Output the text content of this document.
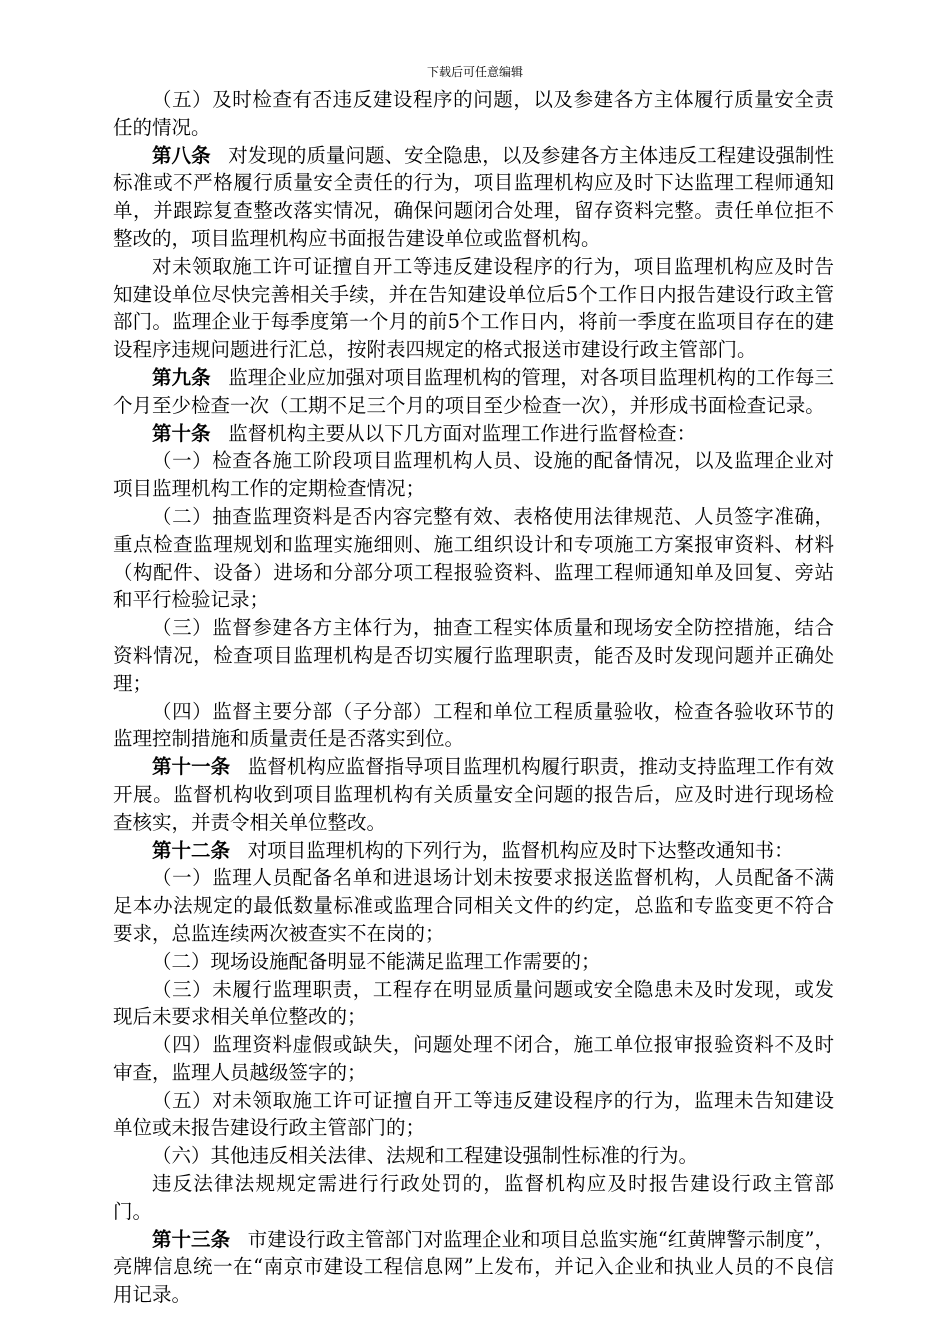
下载后可任意编辑

（五）及时检查有否违反建设程序的问题，以及参建各方主体履行质量安全责任的情况。

第八条 对发现的质量问题、安全隐患，以及参建各方主体违反工程建设强制性标准或不严格履行质量安全责任的行为，项目监理机构应及时下达监理工程师通知单，并跟踪复查整改落实情况，确保问题闭合处理，留存资料完整。责任单位拒不整改的，项目监理机构应书面报告建设单位或监督机构。

对未领取施工许可证擅自开工等违反建设程序的行为，项目监理机构应及时告知建设单位尽快完善相关手续，并在告知建设单位后5个工作日内报告建设行政主管部门。监理企业于每季度第一个月的前5个工作日内，将前一季度在监项目存在的建设程序违规问题进行汇总，按附表四规定的格式报送市建设行政主管部门。

第九条 监理企业应加强对项目监理机构的管理，对各项目监理机构的工作每三个月至少检查一次（工期不足三个月的项目至少检查一次），并形成书面检查记录。

第十条 监督机构主要从以下几方面对监理工作进行监督检查：

（一）检查各施工阶段项目监理机构人员、设施的配备情况，以及监理企业对项目监理机构工作的定期检查情况；

（二）抽查监理资料是否内容完整有效、表格使用法律规范、人员签字准确，重点检查监理规划和监理实施细则、施工组织设计和专项施工方案报审资料、材料（构配件、设备）进场和分部分项工程报验资料、监理工程师通知单及回复、旁站和平行检验记录；

（三）监督参建各方主体行为，抽查工程实体质量和现场安全防控措施，结合资料情况，检查项目监理机构是否切实履行监理职责，能否及时发现问题并正确处理；

（四）监督主要分部（子分部）工程和单位工程质量验收，检查各验收环节的监理控制措施和质量责任是否落实到位。

第十一条 监督机构应监督指导项目监理机构履行职责，推动支持监理工作有效开展。监督机构收到项目监理机构有关质量安全问题的报告后，应及时进行现场检查核实，并责令相关单位整改。

第十二条 对项目监理机构的下列行为，监督机构应及时下达整改通知书：

（一）监理人员配备名单和进退场计划未按要求报送监督机构，人员配备不满足本办法规定的最低数量标准或监理合同相关文件的约定，总监和专监变更不符合要求，总监连续两次被查实不在岗的；

（二）现场设施配备明显不能满足监理工作需要的；

（三）未履行监理职责，工程存在明显质量问题或安全隐患未及时发现，或发现后未要求相关单位整改的；

（四）监理资料虚假或缺失，问题处理不闭合，施工单位报审报验资料不及时审查，监理人员越级签字的；

（五）对未领取施工许可证擅自开工等违反建设程序的行为，监理未告知建设单位或未报告建设行政主管部门的；

（六）其他违反相关法律、法规和工程建设强制性标准的行为。

违反法律法规规定需进行行政处罚的，监督机构应及时报告建设行政主管部门。

第十三条 市建设行政主管部门对监理企业和项目总监实施“红黄牌警示制度”，亮牌信息统一在“南京市建设工程信息网”上发布，并记入企业和执业人员的不良信用记录。
